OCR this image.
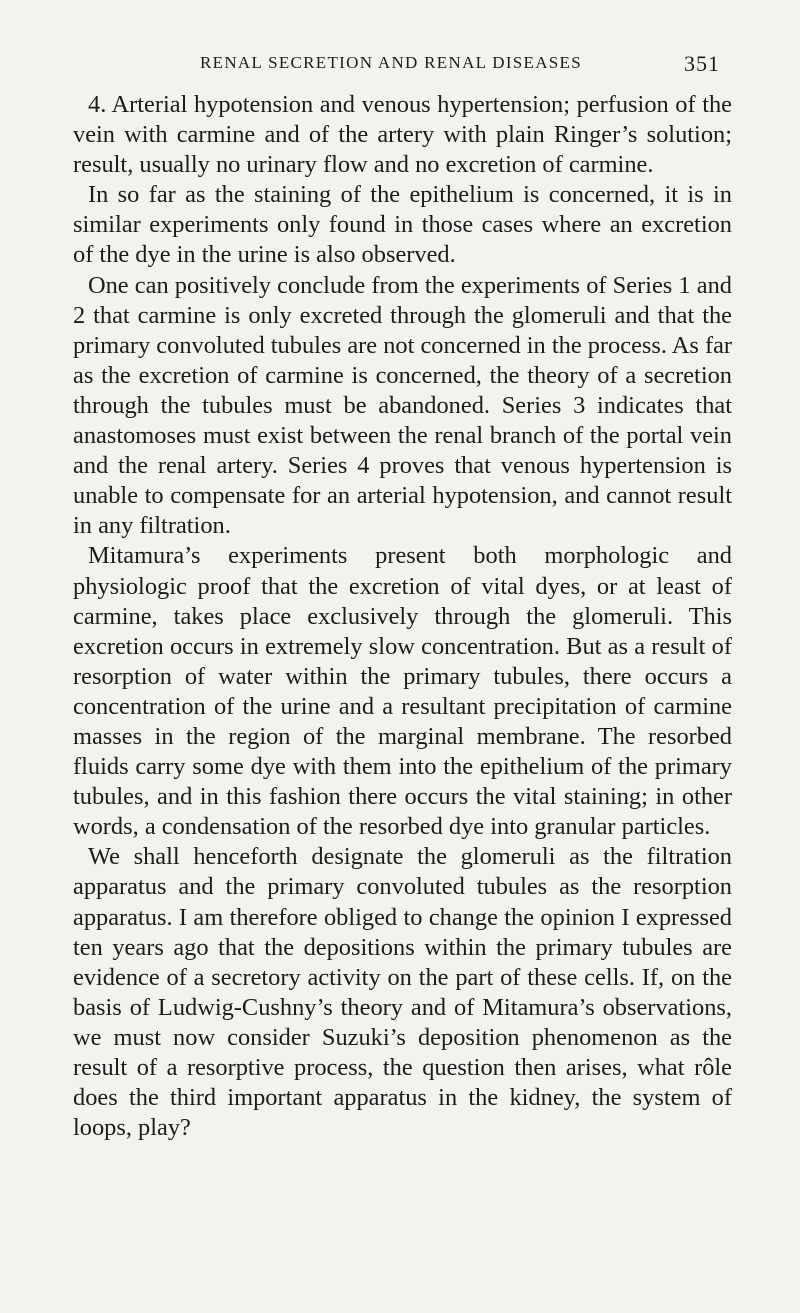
RENAL SECRETION AND RENAL DISEASES	351

4. Arterial hypotension and venous hypertension; perfusion of the vein with carmine and of the artery with plain Ringer’s solution; result, usually no urinary flow and no excretion of carmine.

In so far as the staining of the epithelium is concerned, it is in similar experiments only found in those cases where an excretion of the dye in the urine is also observed.

One can positively conclude from the experiments of Series 1 and 2 that carmine is only excreted through the glomeruli and that the primary convoluted tubules are not concerned in the process. As far as the excretion of carmine is concerned, the theory of a secretion through the tubules must be abandoned. Series 3 indicates that anastomoses must exist between the renal branch of the portal vein and the renal artery. Series 4 proves that venous hypertension is unable to compensate for an arterial hypotension, and cannot result in any filtration.

Mitamura’s experiments present both morphologic and physiologic proof that the excretion of vital dyes, or at least of carmine, takes place exclusively through the glomeruli. This excretion occurs in extremely slow concentration. But as a result of resorption of water within the primary tubules, there occurs a concentration of the urine and a resultant precipitation of carmine masses in the region of the marginal membrane. The resorbed fluids carry some dye with them into the epithelium of the primary tubules, and in this fashion there occurs the vital staining; in other words, a condensation of the resorbed dye into granular particles.

We shall henceforth designate the glomeruli as the filtration apparatus and the primary convoluted tubules as the resorption apparatus. I am therefore obliged to change the opinion I expressed ten years ago that the depositions within the primary tubules are evidence of a secretory activity on the part of these cells. If, on the basis of Ludwig-Cushny’s theory and of Mitamura’s observations, we must now consider Suzuki’s deposition phenomenon as the result of a resorptive process, the question then arises, what rôle does the third important apparatus in the kidney, the system of loops, play?
